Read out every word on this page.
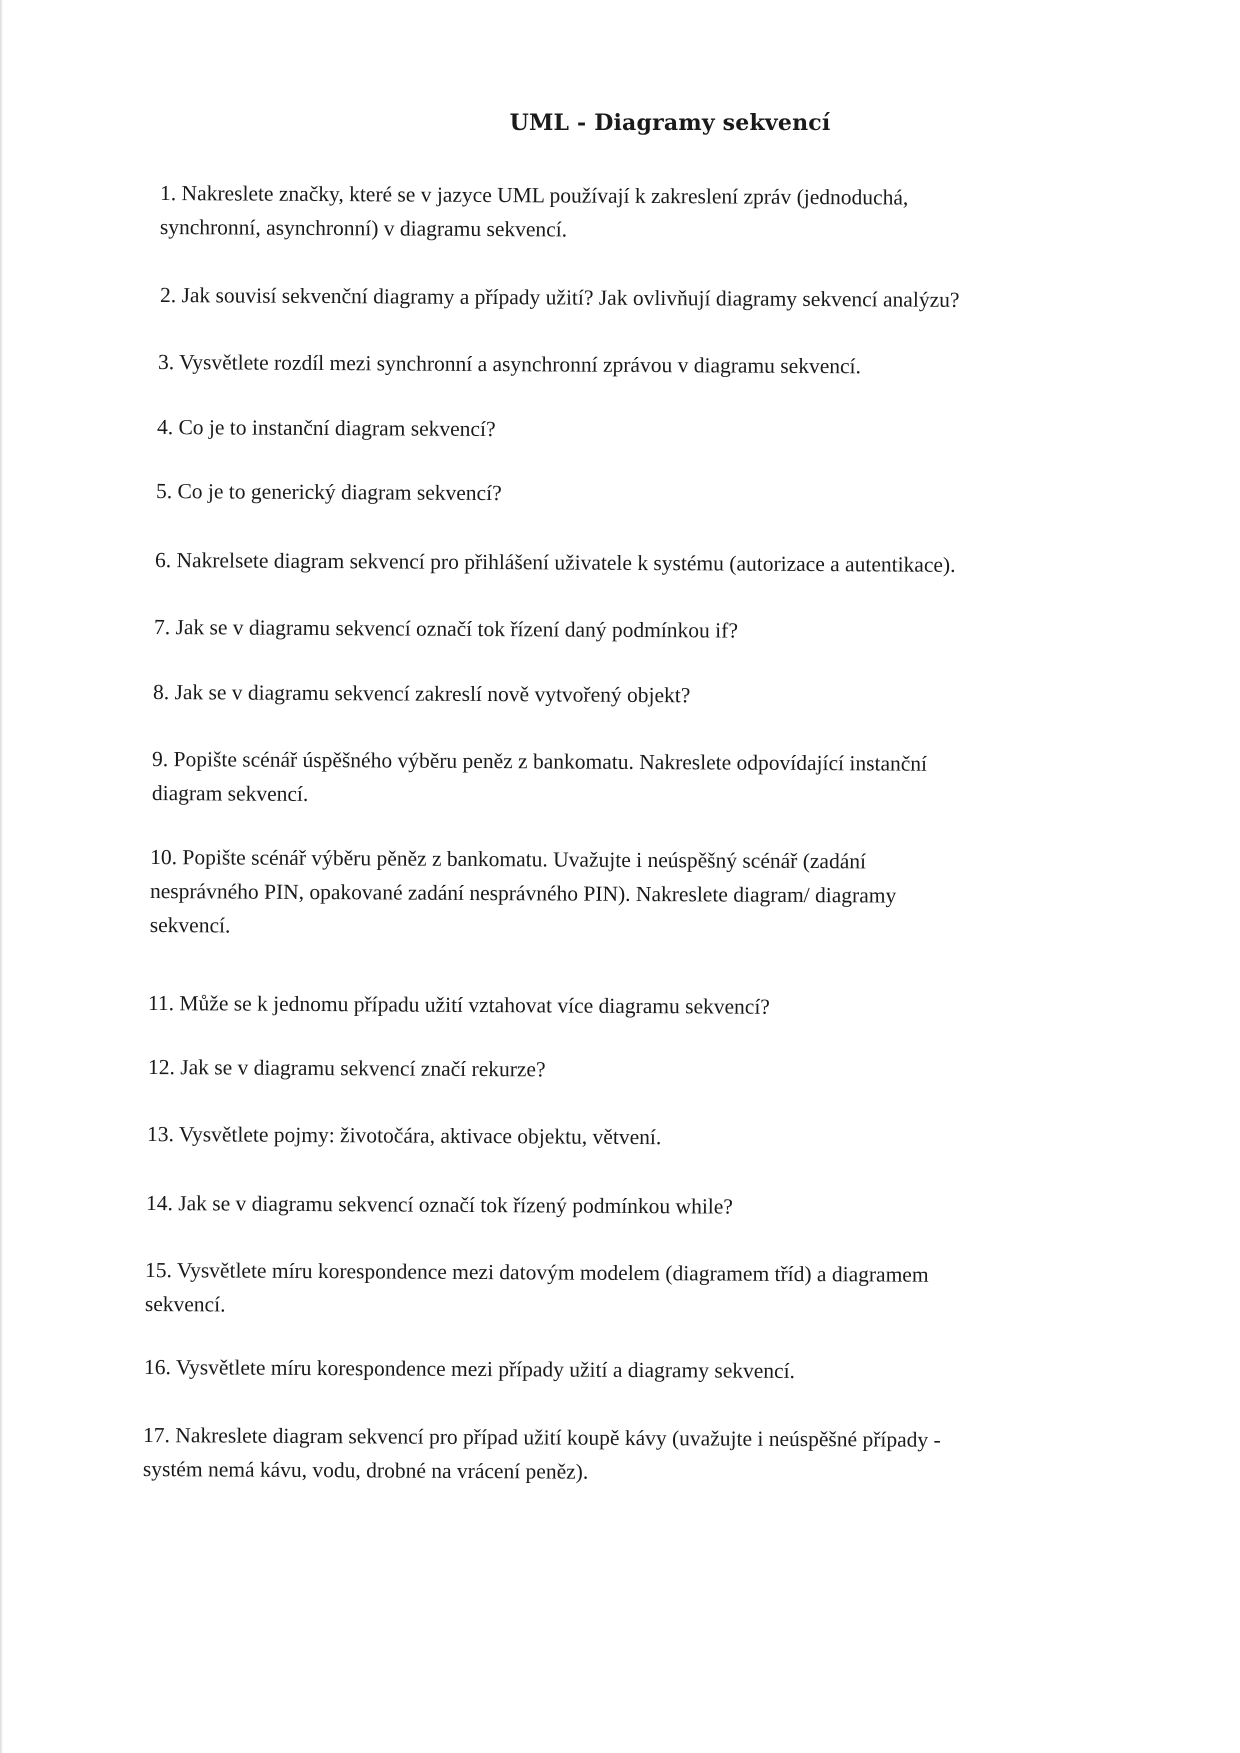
UML - Diagramy sekvencí
1. Nakreslete značky, které se v jazyce UML používají k zakreslení zpráv (jednoduchá,
synchronní, asynchronní) v diagramu sekvencí.
2. Jak souvisí sekvenční diagramy a případy užití? Jak ovlivňují diagramy sekvencí analýzu?
3. Vysvětlete rozdíl mezi synchronní a asynchronní zprávou v diagramu sekvencí.
4. Co je to instanční diagram sekvencí?
5. Co je to generický diagram sekvencí?
6. Nakrelsete diagram sekvencí pro přihlášení uživatele k systému (autorizace a autentikace).
7. Jak se v diagramu sekvencí označí tok řízení daný podmínkou if?
8. Jak se v diagramu sekvencí zakreslí nově vytvořený objekt?
9. Popište scénář úspěšného výběru peněz z bankomatu. Nakreslete odpovídající instanční
diagram sekvencí.
10. Popište scénář výběru pěněz z bankomatu. Uvažujte i neúspěšný scénář (zadání
nesprávného PIN, opakované zadání nesprávného PIN). Nakreslete diagram/ diagramy
sekvencí.
11. Může se k jednomu případu užití vztahovat více diagramu sekvencí?
12. Jak se v diagramu sekvencí značí rekurze?
13. Vysvětlete pojmy: životočára, aktivace objektu, větvení.
14. Jak se v diagramu sekvencí označí tok řízený podmínkou while?
15. Vysvětlete míru korespondence mezi datovým modelem (diagramem tříd) a diagramem
sekvencí.
16. Vysvětlete míru korespondence mezi případy užití a diagramy sekvencí.
17. Nakreslete diagram sekvencí pro případ užití koupě kávy (uvažujte i neúspěšné případy -
systém nemá kávu, vodu, drobné na vrácení peněz).
